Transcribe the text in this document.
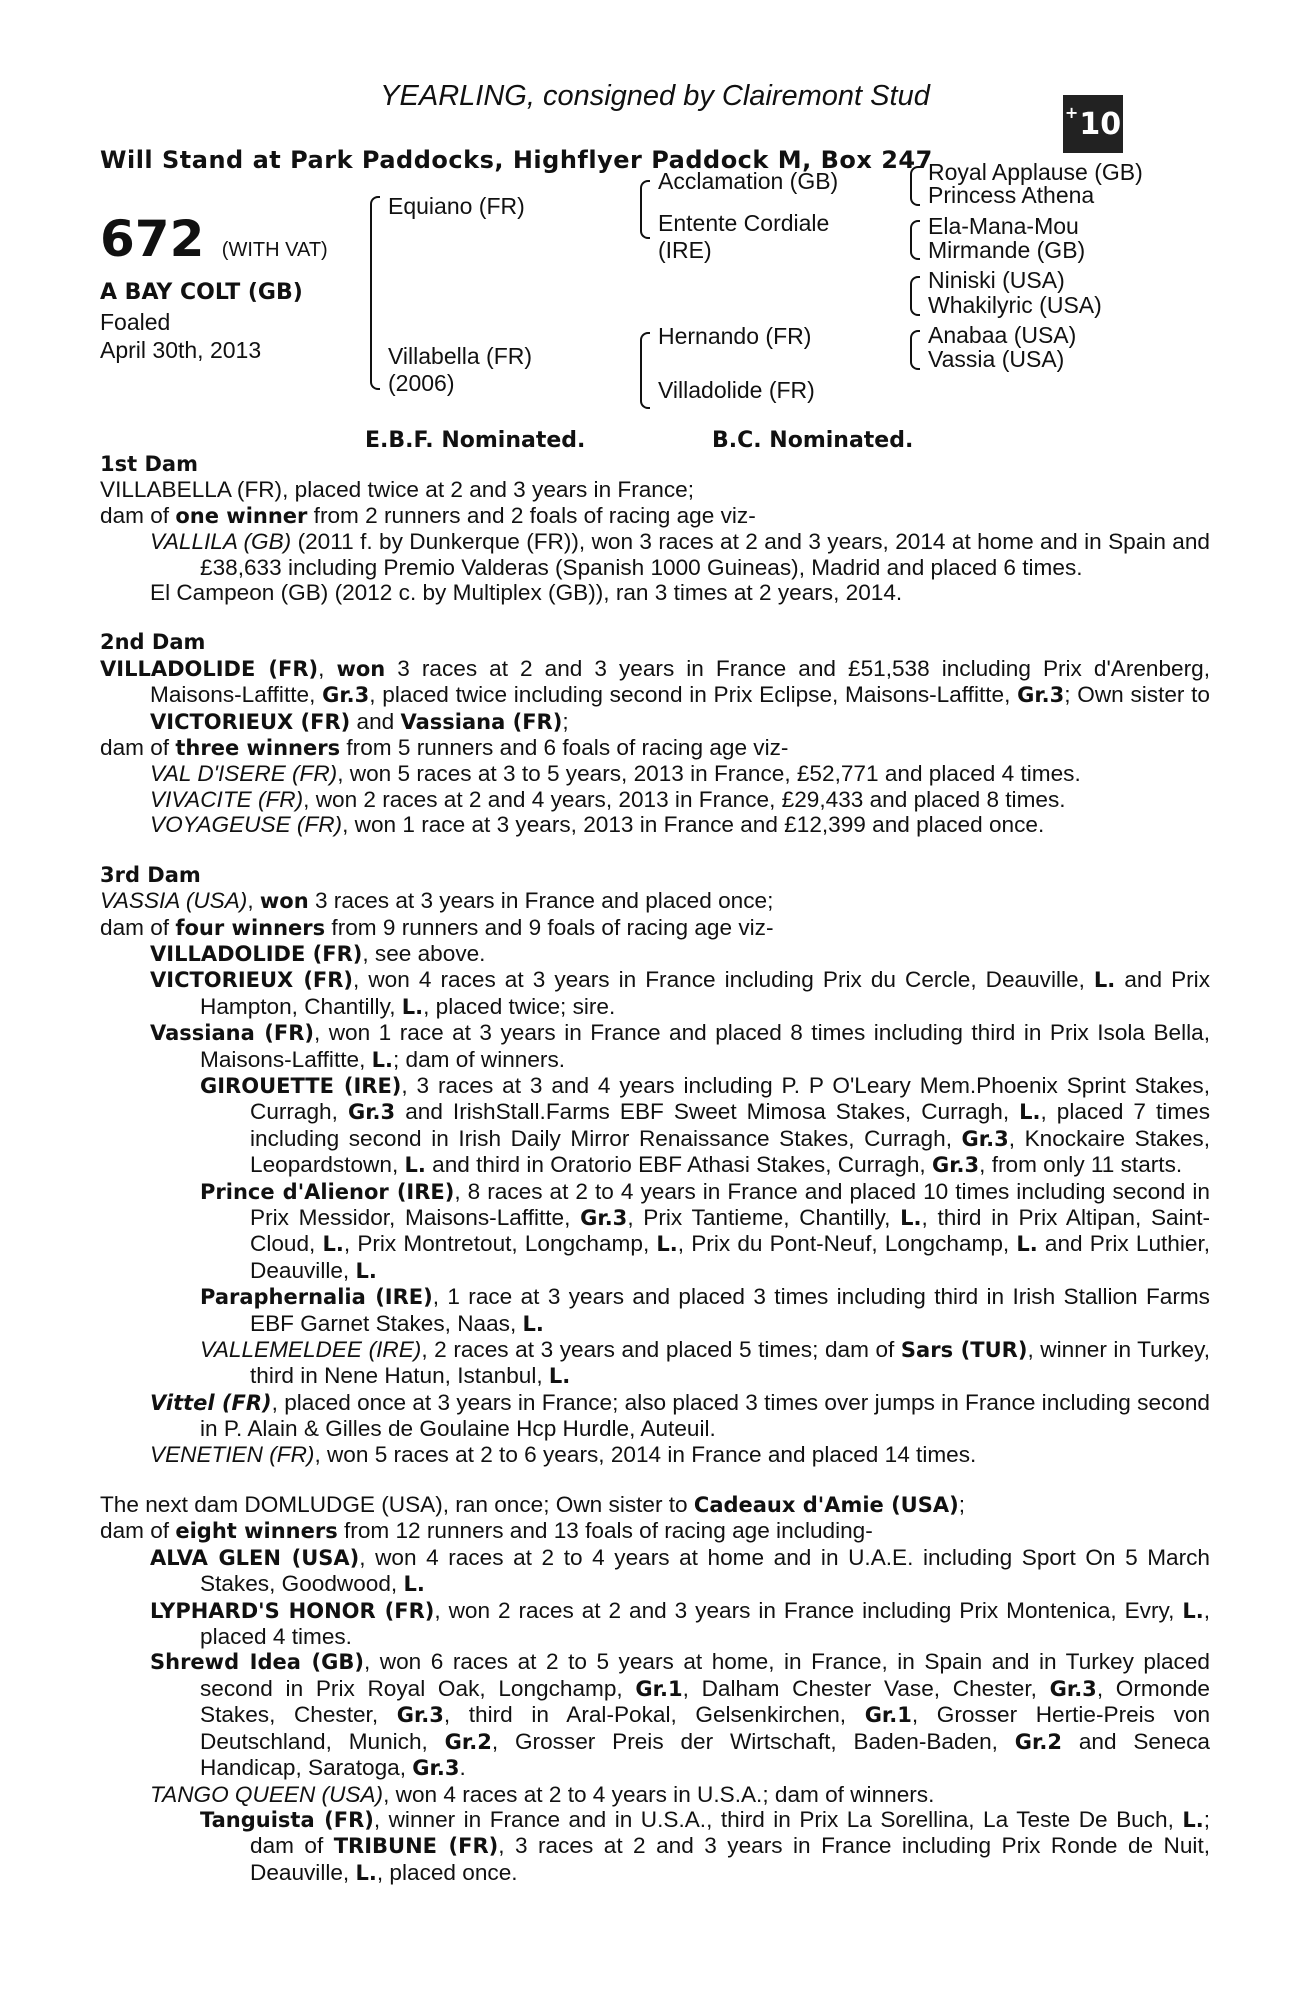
YEARLING, consigned by Clairemont Stud
Will Stand at Park Paddocks, Highflyer Paddock M, Box 247
672 (WITH VAT)
A BAY COLT (GB)
Foaled
April 30th, 2013
Equiano (FR)
Villabella (FR)
(2006)
Acclamation (GB)
Entente Cordiale
(IRE)
Hernando (FR)
Villadolide (FR)
Royal Applause (GB)
Princess Athena
Ela-Mana-Mou
Mirmande (GB)
Niniski (USA)
Whakilyric (USA)
Anabaa (USA)
Vassia (USA)
E.B.F. Nominated.	B.C. Nominated.

1st Dam

VILLABELLA (FR), placed twice at 2 and 3 years in France;

dam of one winner from 2 runners and 2 foals of racing age viz-

VALLILA (GB) (2011 f. by Dunkerque (FR)), won 3 races at 2 and 3 years, 2014 at home and in Spain and £38,633 including Premio Valderas (Spanish 1000 Guineas), Madrid and placed 6 times.

El Campeon (GB) (2012 c. by Multiplex (GB)), ran 3 times at 2 years, 2014.

2nd Dam

VILLADOLIDE (FR), won 3 races at 2 and 3 years in France and £51,538 including Prix d'Arenberg, Maisons-Laffitte, Gr.3, placed twice including second in Prix Eclipse, Maisons-Laffitte, Gr.3; Own sister to VICTORIEUX (FR) and Vassiana (FR);

dam of three winners from 5 runners and 6 foals of racing age viz-

VAL D'ISERE (FR), won 5 races at 3 to 5 years, 2013 in France, £52,771 and placed 4 times.

VIVACITE (FR), won 2 races at 2 and 4 years, 2013 in France, £29,433 and placed 8 times.

VOYAGEUSE (FR), won 1 race at 3 years, 2013 in France and £12,399 and placed once.

3rd Dam

VASSIA (USA), won 3 races at 3 years in France and placed once;

dam of four winners from 9 runners and 9 foals of racing age viz-

VILLADOLIDE (FR), see above.

VICTORIEUX (FR), won 4 races at 3 years in France including Prix du Cercle, Deauville, L. and Prix Hampton, Chantilly, L., placed twice; sire.

Vassiana (FR), won 1 race at 3 years in France and placed 8 times including third in Prix Isola Bella, Maisons-Laffitte, L.; dam of winners.

GIROUETTE (IRE), 3 races at 3 and 4 years including P. P O'Leary Mem.Phoenix Sprint Stakes, Curragh, Gr.3 and IrishStall.Farms EBF Sweet Mimosa Stakes, Curragh, L., placed 7 times including second in Irish Daily Mirror Renaissance Stakes, Curragh, Gr.3, Knockaire Stakes, Leopardstown, L. and third in Oratorio EBF Athasi Stakes, Curragh, Gr.3, from only 11 starts.

Prince d'Alienor (IRE), 8 races at 2 to 4 years in France and placed 10 times including second in Prix Messidor, Maisons-Laffitte, Gr.3, Prix Tantieme, Chantilly, L., third in Prix Altipan, Saint-Cloud, L., Prix Montretout, Longchamp, L., Prix du Pont-Neuf, Longchamp, L. and Prix Luthier, Deauville, L.

Paraphernalia (IRE), 1 race at 3 years and placed 3 times including third in Irish Stallion Farms EBF Garnet Stakes, Naas, L.

VALLEMELDEE (IRE), 2 races at 3 years and placed 5 times; dam of Sars (TUR), winner in Turkey, third in Nene Hatun, Istanbul, L.

Vittel (FR), placed once at 3 years in France; also placed 3 times over jumps in France including second in P. Alain & Gilles de Goulaine Hcp Hurdle, Auteuil.

VENETIEN (FR), won 5 races at 2 to 6 years, 2014 in France and placed 14 times.

The next dam DOMLUDGE (USA), ran once; Own sister to Cadeaux d'Amie (USA);

dam of eight winners from 12 runners and 13 foals of racing age including-

ALVA GLEN (USA), won 4 races at 2 to 4 years at home and in U.A.E. including Sport On 5 March Stakes, Goodwood, L.

LYPHARD'S HONOR (FR), won 2 races at 2 and 3 years in France including Prix Montenica, Evry, L., placed 4 times.

Shrewd Idea (GB), won 6 races at 2 to 5 years at home, in France, in Spain and in Turkey placed second in Prix Royal Oak, Longchamp, Gr.1, Dalham Chester Vase, Chester, Gr.3, Ormonde Stakes, Chester, Gr.3, third in Aral-Pokal, Gelsenkirchen, Gr.1, Grosser Hertie-Preis von Deutschland, Munich, Gr.2, Grosser Preis der Wirtschaft, Baden-Baden, Gr.2 and Seneca Handicap, Saratoga, Gr.3.

TANGO QUEEN (USA), won 4 races at 2 to 4 years in U.S.A.; dam of winners.

Tanguista (FR), winner in France and in U.S.A., third in Prix La Sorellina, La Teste De Buch, L.; dam of TRIBUNE (FR), 3 races at 2 and 3 years in France including Prix Ronde de Nuit, Deauville, L., placed once.

+ 10
